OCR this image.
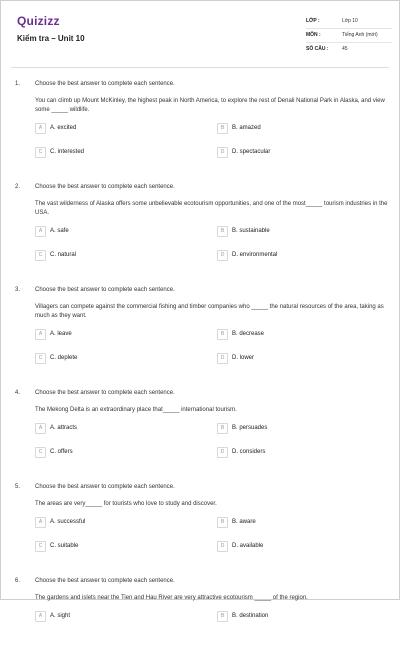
Quizizz
Kiểm tra – Unit 10
LỚP :	Lớp 10
MÔN :	Tiếng Anh (mới)
SỐ CÂU :	45
1. Choose the best answer to complete each sentence.
You can climb up Mount McKinley, the highest peak in North America, to explore the rest of Denali National Park in Alaska, and view some _____ wildlife.
A	A. excited	B	B. amazed
C	C. interested	D	D. spectacular
2. Choose the best answer to complete each sentence.
The vast wilderness of Alaska offers some unbelievable ecotourism opportunities, and one of the most_____ tourism industries in the USA.
A	A. safe	B	B. sustainable
C	C. natural	D	D. environmental
3. Choose the best answer to complete each sentence.
Villagers can compete against the commercial fishing and timber companies who _____ the natural resources of the area, taking as much as they want.
A	A. leave	B	B. decrease
C	C. deplete	D	D. lower
4. Choose the best answer to complete each sentence.
The Mekong Delta is an extraordinary place that_____ international tourism.
A	A. attracts	B	B. persuades
C	C. offers	D	D. considers
5. Choose the best answer to complete each sentence.
The areas are very_____ for tourists who love to study and discover.
A	A. successful	B	B. aware
C	C. suitable	D	D. available
6. Choose the best answer to complete each sentence.
The gardens and islets near the Tien and Hau River are very attractive ecotourism _____ of the region.
A	A. sight	B	B. destination
